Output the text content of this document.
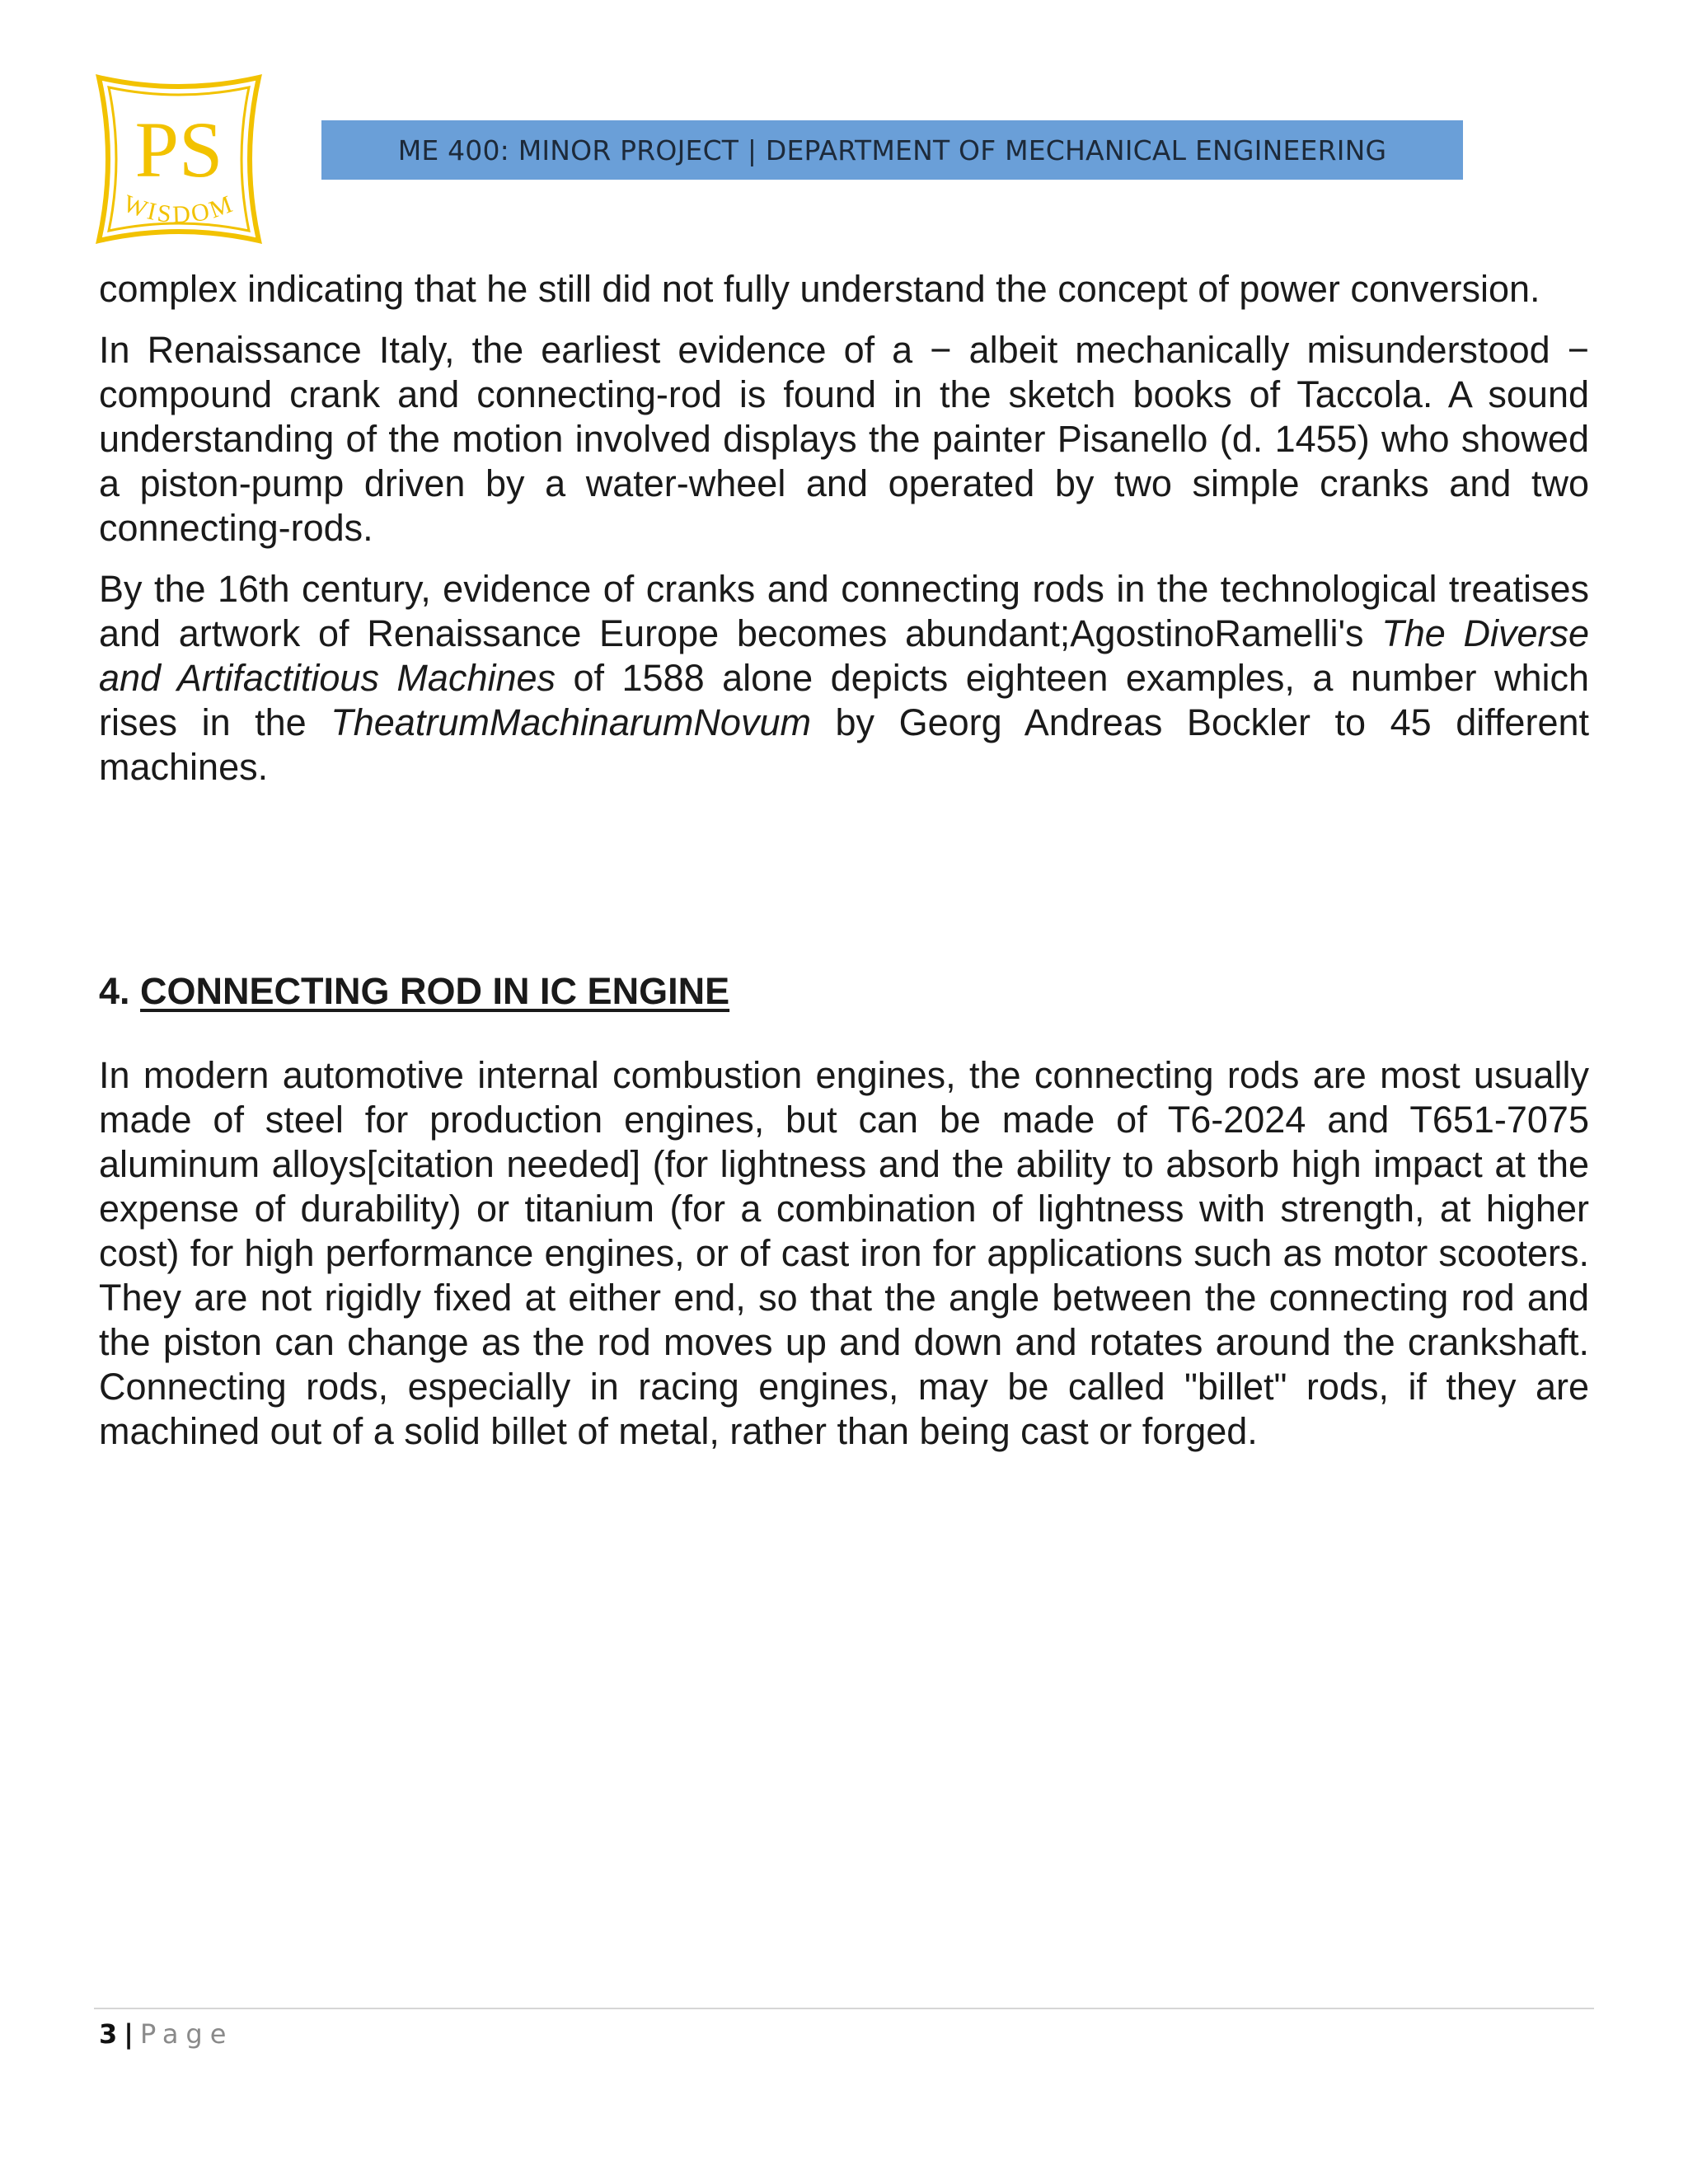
PS
WISDOM
ME 400: MINOR PROJECT | DEPARTMENT OF MECHANICAL ENGINEERING

complex indicating that he still did not fully understand the concept of power conversion.

In Renaissance Italy, the earliest evidence of a − albeit mechanically misunderstood − compound crank and connecting-rod is found in the sketch books of Taccola. A sound understanding of the motion involved displays the painter Pisanello (d. 1455) who showed a piston-pump driven by a water-wheel and operated by two simple cranks and two connecting-rods.

By the 16th century, evidence of cranks and connecting rods in the technological treatises and artwork of Renaissance Europe becomes abundant;AgostinoRamelli's The Diverse and Artifactitious Machines of 1588 alone depicts eighteen examples, a number which rises in the TheatrumMachinarumNovum by Georg Andreas Bockler to 45 different machines.

4. CONNECTING ROD IN IC ENGINE

In modern automotive internal combustion engines, the connecting rods are most usually made of steel for production engines, but can be made of T6-2024 and T651-7075 aluminum alloys[citation needed] (for lightness and the ability to absorb high impact at the expense of durability) or titanium (for a combination of lightness with strength, at higher cost) for high performance engines, or of cast iron for applications such as motor scooters. They are not rigidly fixed at either end, so that the angle between the connecting rod and the piston can change as the rod moves up and down and rotates around the crankshaft. Connecting rods, especially in racing engines, may be called "billet" rods, if they are machined out of a solid billet of metal, rather than being cast or forged.

3 | Page
